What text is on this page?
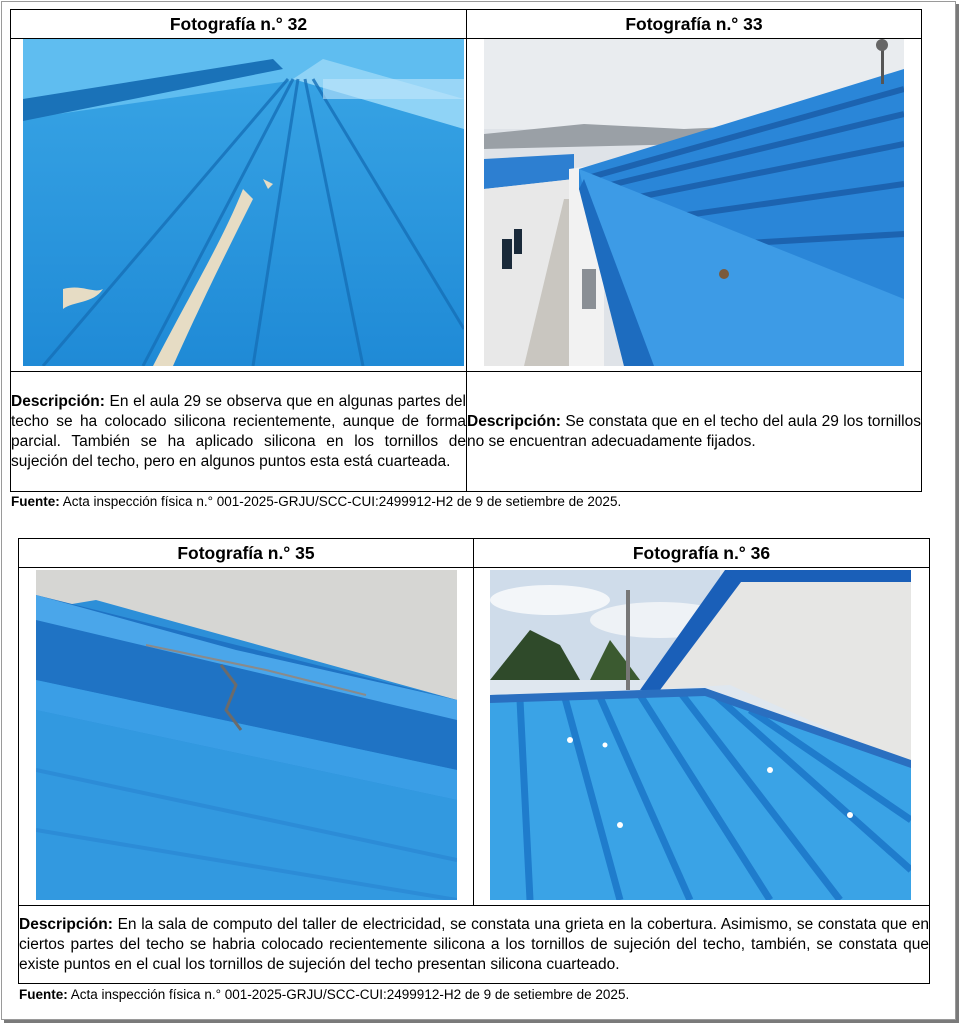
Fotografía n.° 32	Fotografía n.° 33

Descripción: En el aula 29 se observa que en algunas partes del techo se ha colocado silicona recientemente, aunque de forma parcial. También se ha aplicado silicona en los tornillos de sujeción del techo, pero en algunos puntos esta está cuarteada.	Descripción: Se constata que en el techo del aula 29 los tornillos no se encuentran adecuadamente fijados.
Fuente: Acta inspección física n.° 001-2025-GRJU/SCC-CUI:2499912-H2 de 9 de setiembre de 2025.
Fotografía n.° 35	Fotografía n.° 36

Descripción: En la sala de computo del taller de electricidad, se constata una grieta en la cobertura. Asimismo, se constata que en ciertos partes del techo se habria colocado recientemente silicona a los tornillos de sujeción del techo, también, se constata que existe puntos en el cual los tornillos de sujeción del techo presentan silicona cuarteado.	
Fuente: Acta inspección física n.° 001-2025-GRJU/SCC-CUI:2499912-H2 de 9 de setiembre de 2025.
